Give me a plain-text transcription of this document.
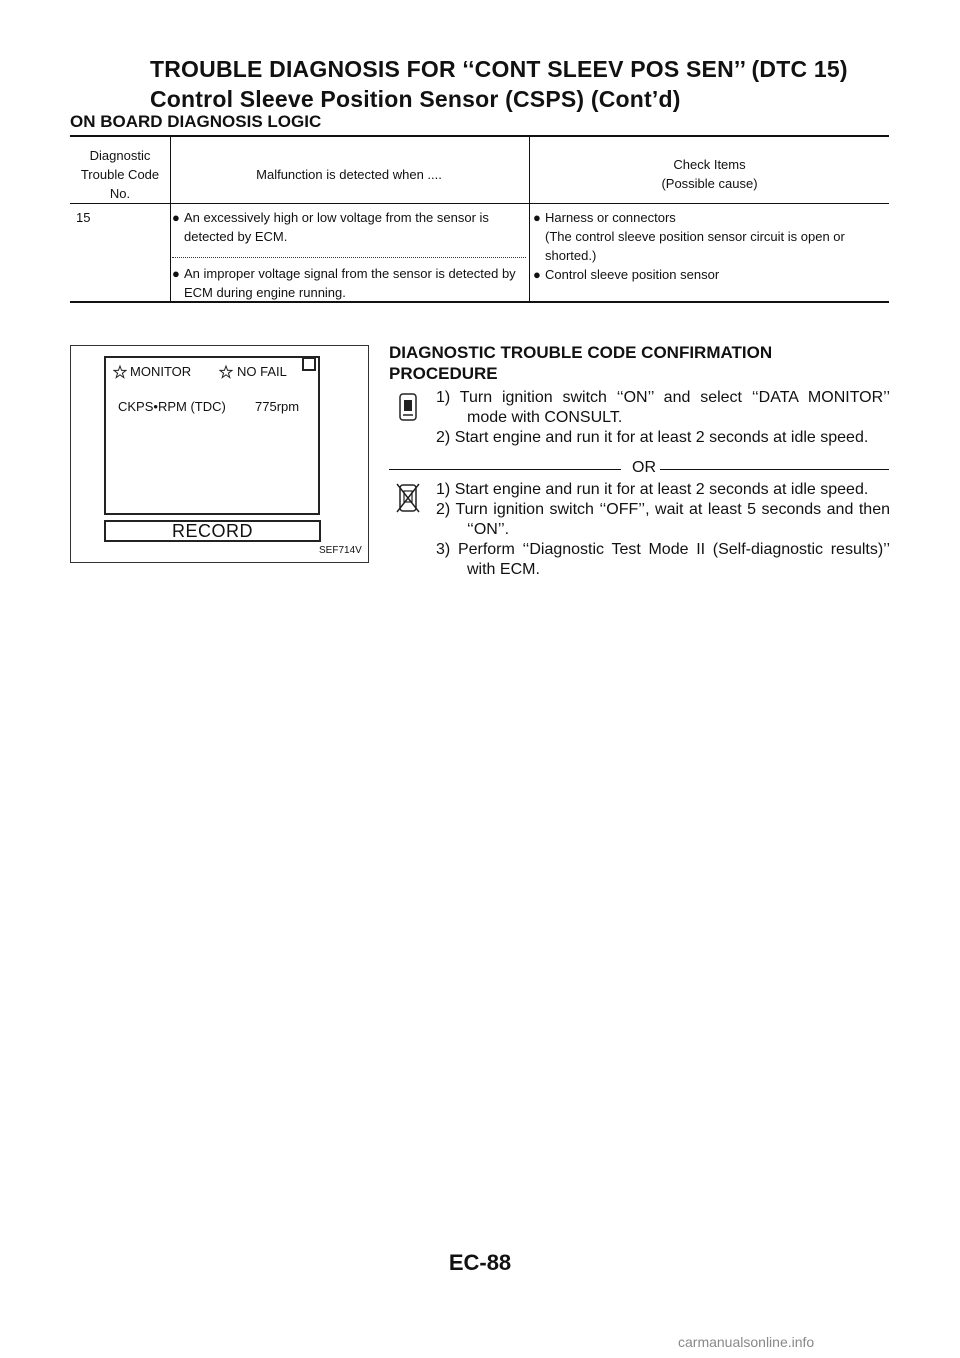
TROUBLE DIAGNOSIS FOR ‘‘CONT SLEEV POS SEN’’ (DTC 15)
Control Sleeve Position Sensor (CSPS) (Cont’d)
ON BOARD DIAGNOSIS LOGIC
Diagnostic
Trouble Code
No.
Malfunction is detected when ....
Check Items
(Possible cause)
15	● An excessively high or low voltage from the sensor is detected by ECM.
● An improper voltage signal from the sensor is detected by ECM during engine running.
● Harness or connectors
(The control sleeve position sensor circuit is open or shorted.)
● Control sleeve position sensor
MONITOR	NO FAIL
CKPS•RPM (TDC) 775rpm
RECORD
SEF714V
DIAGNOSTIC TROUBLE CODE CONFIRMATION
PROCEDURE
1) Turn ignition switch ‘‘ON’’ and select ‘‘DATA MONITOR’’ mode with CONSULT.
2) Start engine and run it for at least 2 seconds at idle speed.
OR
1) Start engine and run it for at least 2 seconds at idle speed.
2) Turn ignition switch ‘‘OFF’’, wait at least 5 seconds and then ‘‘ON’’.
3) Perform ‘‘Diagnostic Test Mode II (Self-diagnostic results)’’ with ECM.
EC-88
carmanualsonline.info
